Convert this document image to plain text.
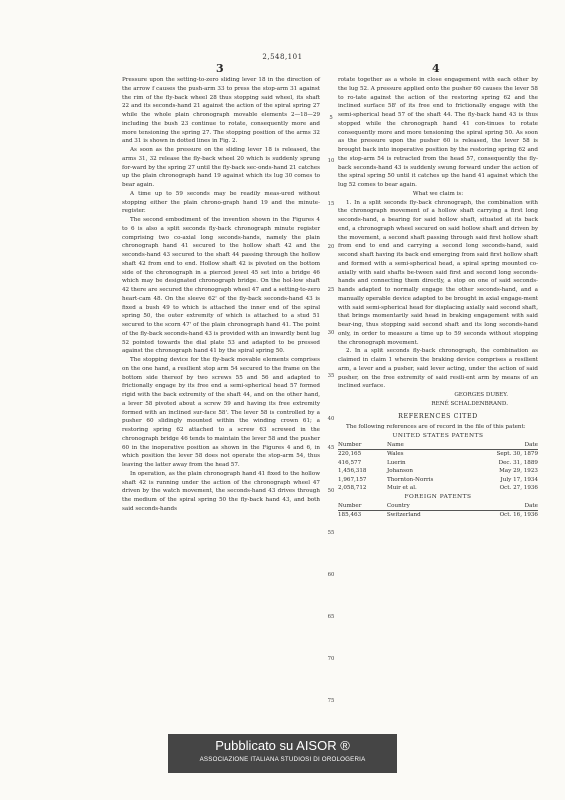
2,548,101
3	4

Pressure upon the setting-to-zero sliding lever 18 in the direction of the arrow f causes the push-arm 33 to press the stop-arm 31 against the rim of the fly-back wheel 28 thus stopping said wheel, its shaft 22 and its seconds-hand 21 against the action of the spiral spring 27 while the whole plain chronograph movable elements 2—18—29 including the bush 23 continue to rotate, consequently more and more tensioning the spring 27. The stopping position of the arms 32 and 31 is shown in dotted lines in Fig. 2.

As soon as the pressure on the sliding lever 18 is released, the arms 31, 32 release the fly-back wheel 20 which is suddenly sprung for-ward by the spring 27 until the fly-back sec-onds-hand 21 catches up the plain chronograph hand 19 against which its lug 30 comes to bear again.

A time up to 59 seconds may be readily meas-ured without stopping either the plain chrono-graph hand 19 and the minute-register.

The second embodiment of the invention shown in the Figures 4 to 6 is also a split seconds fly-back chronograph minute register comprising two co-axial long seconds-hands, namely the plain chronograph hand 41 secured to the hollow shaft 42 and the seconds-hand 43 secured to the shaft 44 passing through the hollow shaft 42 from end to end. Hollow shaft 42 is pivoted on the bottom side of the chronograph in a pierced jewel 45 set into a bridge 46 which may be designated chronograph bridge. On the hol-low shaft 42 there are secured the chronograph wheel 47 and a setting-to-zero heart-cam 48. On the sleeve 62' of the fly-back seconds-hand 43 is fixed a bush 49 to which is attached the inner end of the spiral spring 50, the outer extremity of which is attached to a stud 51 secured to the scorn 47' of the plain chronograph hand 41. The point of the fly-back seconds-hand 43 is provided with an inwardly bent lug 52 pointed towards the dial plate 53 and adapted to be pressed against the chronograph hand 41 by the spiral spring 50.

The stopping device for the fly-back movable elements comprises on the one hand, a resilient stop arm 54 secured to the frame on the bottom side thereof by two screws 55 and 56 and adapted to frictionally engage by its free end a semi-spherical head 57 formed rigid with the back extremity of the shaft 44, and on the other hand, a lever 58 pivoted about a screw 59 and having its free extremity formed with an inclined sur-face 58'. The lever 58 is controlled by a pusher 60 slidingly mounted within the winding crown 61; a restoring spring 62 attached to a screw 63 screwed in the chronograph bridge 46 tends to maintain the lever 58 and the pusher 60 in the inoperative position as shown in the Figures 4 and 6, in which position the lever 58 does not operate the stop-arm 54, thus leaving the latter away from the head 57.

In operation, as the plain chronograph hand 41 fixed to the hollow shaft 42 is running under the action of the chronograph wheel 47 driven by the watch movement, the seconds-hand 43 drives through the medium of the spiral spring 50 the fly-back hand 43, and both said seconds-hands

5
10
15
20
25
30
35
40
45
50
55
60
65
70
75

rotate together as a whole in close engagement with each other by the lug 52. A pressure applied onto the pusher 60 causes the lever 58 to ro-tate against the action of the restoring spring 62 and the inclined surface 58' of its free end to frictionally engage with the semi-spherical head 57 of the shaft 44. The fly-back hand 43 is thus stopped while the chronograph hand 41 con-tinues to rotate consequently more and more tensioning the spiral spring 50. As soon as the pressure upon the pusher 60 is released, the lever 58 is brought back into inoperative position by the restoring spring 62 and the stop-arm 54 is retracted from the head 57, consequently the fly-back seconds-hand 43 is suddenly swung forward under the action of the spiral spring 50 until it catches up the hand 41 against which the lug 52 comes to bear again.

What we claim is:

1. In a split seconds fly-back chronograph, the combination with the chronograph movement of a hollow shaft carrying a first long seconds-hand, a bearing for said hollow shaft, situated at its back end, a chronograph wheel secured on said hollow shaft and driven by the movement, a second shaft passing through said first hollow shaft from end to end and carrying a second long seconds-hand, said second shaft having its back end emerging from said first hollow shaft and formed with a semi-spherical head, a spiral spring mounted co-axially with said shafts be-tween said first and second long seconds-hands and connecting them directly, a stop on one of said seconds-hands adapted to normally engage the other seconds-hand, and a manually operable device adapted to be brought in axial engage-ment with said semi-spherical head for displacing axially said second shaft, that brings momentarily said head in braking engagement with said bear-ing, thus stopping said second shaft and its long seconds-hand only, in order to measure a time up to 59 seconds without stopping the chronograph movement.

2. In a split seconds fly-back chronograph, the combination as claimed in claim 1 wherein the braking device comprises a resilient arm, a lever and a pusher, said lever acting, under the action of said pusher, on the free extremity of said resili-ent arm by means of an inclined surface.

GEORGES DUBEY.

RENÉ SCHALDENBRAND.

REFERENCES CITED

The following references are of record in the file of this patent:

UNITED STATES PATENTS

Number	Name	Date
220,165	Wales	Sept. 30, 1879
416,577	Luerin	Dec. 31, 1889
1,456,318	Johanson	May 29, 1923
1,967,157	Thornton-Norris	July 17, 1934
2,058,712	Muir et al.	Oct. 27, 1936

FOREIGN PATENTS

Number	Country	Date
185,463	Switzerland	Oct. 16, 1936
Pubblicato su AISOR ®
ASSOCIAZIONE ITALIANA STUDIOSI DI OROLOGERIA
